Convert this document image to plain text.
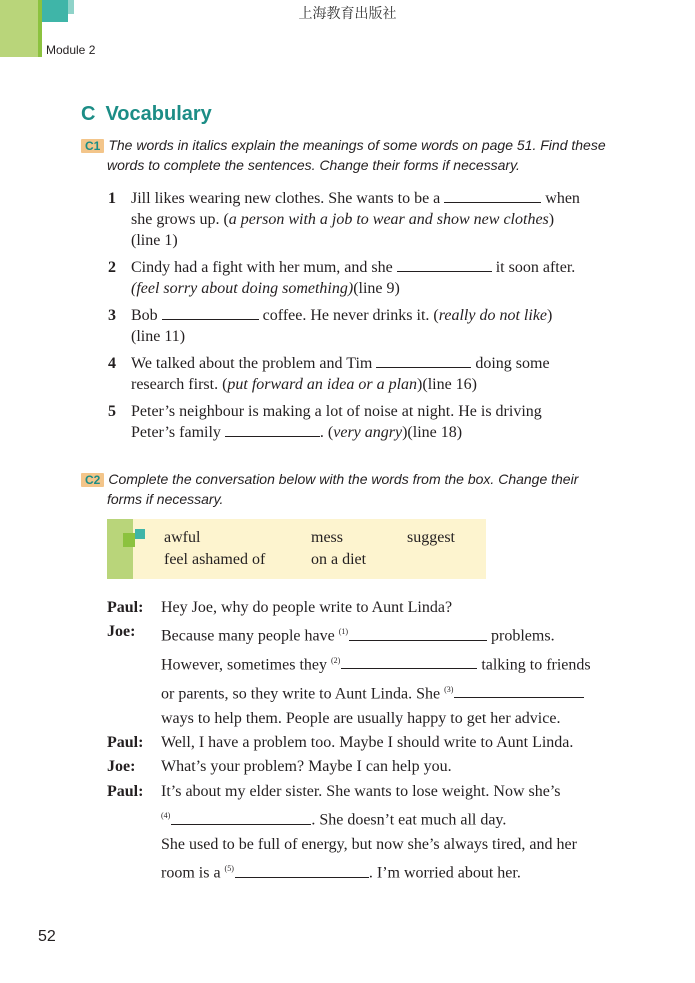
上海教育出版社
Module 2
C Vocabulary
C1 The words in italics explain the meanings of some words on page 51. Find these
words to complete the sentences. Change their forms if necessary.
1 Jill likes wearing new clothes. She wants to be a	when
she grows up. (a person with a job to wear and show new clothes)
(line 1)
2 Cindy had a fight with her mum, and she	it soon after.
(feel sorry about doing something)(line 9)
3 Bob	coffee. He never drinks it. (really do not like)
(line 11)
4 We talked about the problem and Tim	doing some
research first. (put forward an idea or a plan)(line 16)
5 Peter’s neighbour is making a lot of noise at night. He is driving
Peter’s family	. (very angry)(line 18)
C2 Complete the conversation below with the words from the box. Change their
forms if necessary.
awful	mess	suggest
feel ashamed of	on a diet
Paul: Hey Joe, why do people write to Aunt Linda?
Joe: Because many people have $^{(1)}$	problems.
However, sometimes they $^{(2)}$	talking to friends
or parents, so they write to Aunt Linda. She $^{(3)}$
ways to help them. People are usually happy to get her advice.
Paul: Well, I have a problem too. Maybe I should write to Aunt Linda.
Joe: What’s your problem? Maybe I can help you.
Paul: It’s about my elder sister. She wants to lose weight. Now she’s
$^{(4)}$	. She doesn’t eat much all day.
She used to be full of energy, but now she’s always tired, and her
room is a $^{(5)}$	. I’m worried about her.
52
